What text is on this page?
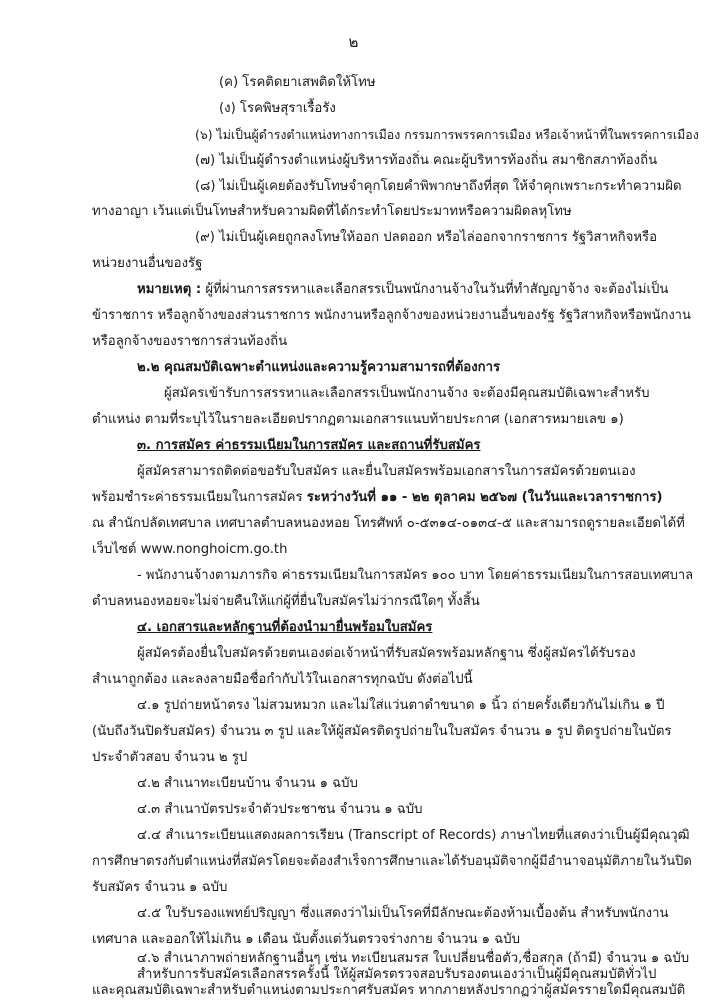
๒
(ค) โรคติดยาเสพติดให้โทษ
(ง) โรคพิษสุราเรื้อรัง
(๖) ไม่เป็นผู้ดำรงตำแหน่งทางการเมือง กรรมการพรรคการเมือง หรือเจ้าหน้าที่ในพรรคการเมือง
(๗) ไม่เป็นผู้ดำรงตำแหน่งผู้บริหารท้องถิ่น คณะผู้บริหารท้องถิ่น สมาชิกสภาท้องถิ่น
(๘) ไม่เป็นผู้เคยต้องรับโทษจำคุกโดยคำพิพากษาถึงที่สุด ให้จำคุกเพราะกระทำความผิด
ทางอาญา เว้นแต่เป็นโทษสำหรับความผิดที่ได้กระทำโดยประมาทหรือความผิดลหุโทษ
(๙) ไม่เป็นผู้เคยถูกลงโทษให้ออก ปลดออก หรือไล่ออกจากราชการ รัฐวิสาหกิจหรือ
หน่วยงานอื่นของรัฐ
หมายเหตุ : ผู้ที่ผ่านการสรรหาและเลือกสรรเป็นพนักงานจ้างในวันที่ทำสัญญาจ้าง จะต้องไม่เป็น
ข้าราชการ หรือลูกจ้างของส่วนราชการ พนักงานหรือลูกจ้างของหน่วยงานอื่นของรัฐ รัฐวิสาหกิจหรือพนักงาน
หรือลูกจ้างของราชการส่วนท้องถิ่น
๒.๒ คุณสมบัติเฉพาะตำแหน่งและความรู้ความสามารถที่ต้องการ
ผู้สมัครเข้ารับการสรรหาและเลือกสรรเป็นพนักงานจ้าง จะต้องมีคุณสมบัติเฉพาะสำหรับ
ตำแหน่ง ตามที่ระบุไว้ในรายละเอียดปรากฏตามเอกสารแนบท้ายประกาศ (เอกสารหมายเลข ๑)
๓. การสมัคร ค่าธรรมเนียมในการสมัคร และสถานที่รับสมัคร
ผู้สมัครสามารถติดต่อขอรับใบสมัคร และยื่นใบสมัครพร้อมเอกสารในการสมัครด้วยตนเอง
พร้อมชำระค่าธรรมเนียมในการสมัคร ระหว่างวันที่ ๑๑ - ๒๒ ตุลาคม ๒๕๖๗ (ในวันและเวลาราชการ)
ณ สำนักปลัดเทศบาล เทศบาลตำบลหนองหอย โทรศัพท์ ๐-๕๓๑๔-๐๑๓๔-๕ และสามารถดูรายละเอียดได้ที่
เว็บไซต์ www.nonghoicm.go.th
- พนักงานจ้างตามภารกิจ ค่าธรรมเนียมในการสมัคร ๑๐๐ บาท โดยค่าธรรมเนียมในการสอบเทศบาล
ตำบลหนองหอยจะไม่จ่ายคืนให้แก่ผู้ที่ยื่นใบสมัครไม่ว่ากรณีใดๆ ทั้งสิ้น
๔. เอกสารและหลักฐานที่ต้องนำมายื่นพร้อมใบสมัคร
ผู้สมัครต้องยื่นใบสมัครด้วยตนเองต่อเจ้าหน้าที่รับสมัครพร้อมหลักฐาน ซึ่งผู้สมัครได้รับรอง
สำเนาถูกต้อง และลงลายมือชื่อกำกับไว้ในเอกสารทุกฉบับ ดังต่อไปนี้
๔.๑ รูปถ่ายหน้าตรง ไม่สวมหมวก และไม่ใส่แว่นตาดำขนาด ๑ นิ้ว ถ่ายครั้งเดียวกันไม่เกิน ๑ ปี
(นับถึงวันปิดรับสมัคร) จำนวน ๓ รูป และให้ผู้สมัครติดรูปถ่ายในใบสมัคร จำนวน ๑ รูป ติดรูปถ่ายในบัตร
ประจำตัวสอบ จำนวน ๒ รูป
๔.๒ สำเนาทะเบียนบ้าน จำนวน ๑ ฉบับ
๔.๓ สำเนาบัตรประจำตัวประชาชน จำนวน ๑ ฉบับ
๔.๔ สำเนาระเบียนแสดงผลการเรียน (Transcript of Records) ภาษาไทยที่แสดงว่าเป็นผู้มีคุณวุฒิ
การศึกษาตรงกับตำแหน่งที่สมัครโดยจะต้องสำเร็จการศึกษาและได้รับอนุมัติจากผู้มีอำนาจอนุมัติภายในวันปิด
รับสมัคร จำนวน ๑ ฉบับ
๔.๕ ใบรับรองแพทย์ปริญญา ซึ่งแสดงว่าไม่เป็นโรคที่มีลักษณะต้องห้ามเบื้องต้น สำหรับพนักงาน
เทศบาล และออกให้ไม่เกิน ๑ เดือน นับตั้งแต่วันตรวจร่างกาย จำนวน ๑ ฉบับ
๔.๖ สำเนาภาพถ่ายหลักฐานอื่นๆ เช่น ทะเบียนสมรส ใบเปลี่ยนชื่อตัว,ชื่อสกุล (ถ้ามี) จำนวน ๑ ฉบับ
สำหรับการรับสมัครเลือกสรรครั้งนี้ ให้ผู้สมัครตรวจสอบรับรองตนเองว่าเป็นผู้มีคุณสมบัติทั่วไป
และคุณสมบัติเฉพาะสำหรับตำแหน่งตามประกาศรับสมัคร หากภายหลังปรากฏว่าผู้สมัครรายใดมีคุณสมบัติ
